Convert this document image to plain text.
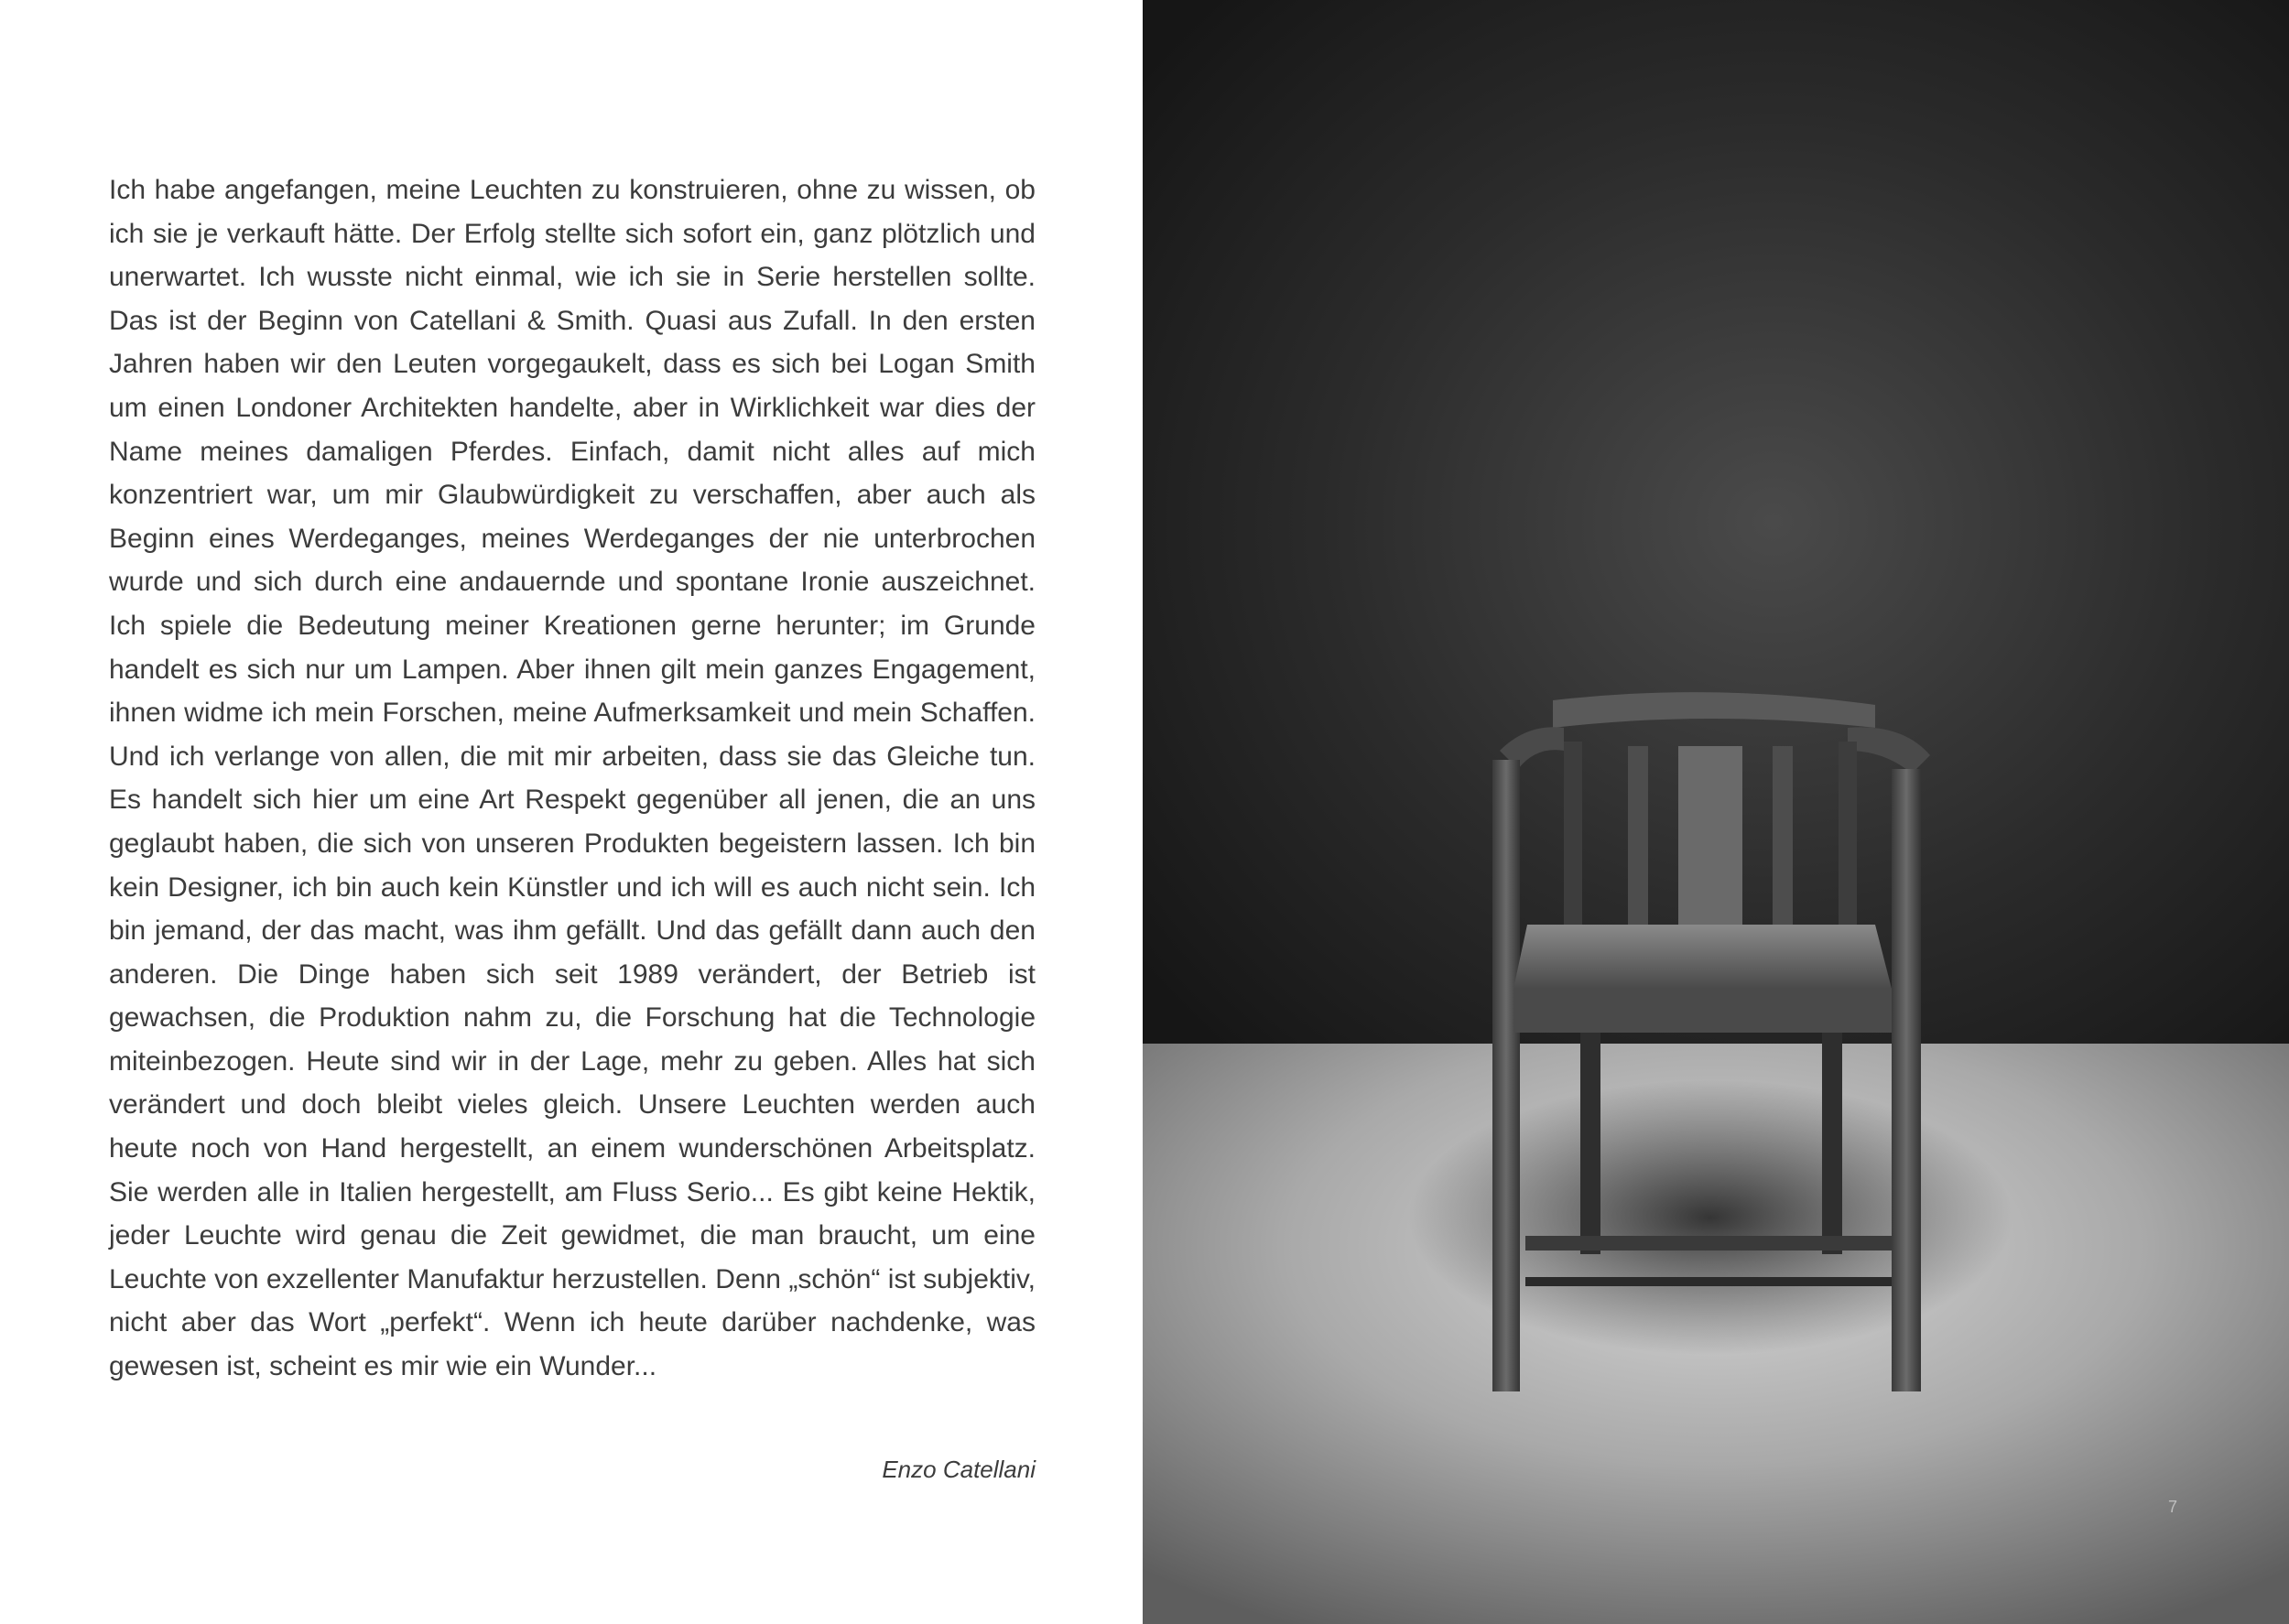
Ich habe angefangen, meine Leuchten zu konstruieren, ohne zu wissen, ob ich sie je verkauft hätte. Der Erfolg stellte sich sofort ein, ganz plötzlich und unerwartet. Ich wusste nicht einmal, wie ich sie in Serie herstellen sollte. Das ist der Beginn von Catellani & Smith. Quasi aus Zufall. In den ersten Jahren haben wir den Leuten vorgegaukelt, dass es sich bei Logan Smith um einen Londoner Architekten handelte, aber in Wirklichkeit war dies der Name meines damaligen Pferdes. Einfach, damit nicht alles auf mich konzentriert war, um mir Glaubwürdigkeit zu verschaffen, aber auch als Beginn eines Werdeganges, meines Werdeganges der nie unterbrochen wurde und sich durch eine andauernde und spontane Ironie auszeichnet. Ich spiele die Bedeutung meiner Kreationen gerne herunter; im Grunde handelt es sich nur um Lampen. Aber ihnen gilt mein ganzes Engagement, ihnen widme ich mein Forschen, meine Aufmerksamkeit und mein Schaffen. Und ich verlange von allen, die mit mir arbeiten, dass sie das Gleiche tun. Es handelt sich hier um eine Art Respekt gegenüber all jenen, die an uns geglaubt haben, die sich von unseren Produkten begeistern lassen. Ich bin kein Designer, ich bin auch kein Künstler und ich will es auch nicht sein. Ich bin jemand, der das macht, was ihm gefällt. Und das gefällt dann auch den anderen. Die Dinge haben sich seit 1989 verändert, der Betrieb ist gewachsen, die Produktion nahm zu, die Forschung hat die Technologie miteinbezogen. Heute sind wir in der Lage, mehr zu geben. Alles hat sich verändert und doch bleibt vieles gleich. Unsere Leuchten werden auch heute noch von Hand hergestellt, an einem wunderschönen Arbeitsplatz. Sie werden alle in Italien hergestellt, am Fluss Serio... Es gibt keine Hektik, jeder Leuchte wird genau die Zeit gewidmet, die man braucht, um eine Leuchte von exzellenter Manufaktur herzustellen. Denn „schön“ ist subjektiv, nicht aber das Wort „perfekt“. Wenn ich heute darüber nachdenke, was gewesen ist, scheint es mir wie ein Wunder...

Enzo Catellani
7
